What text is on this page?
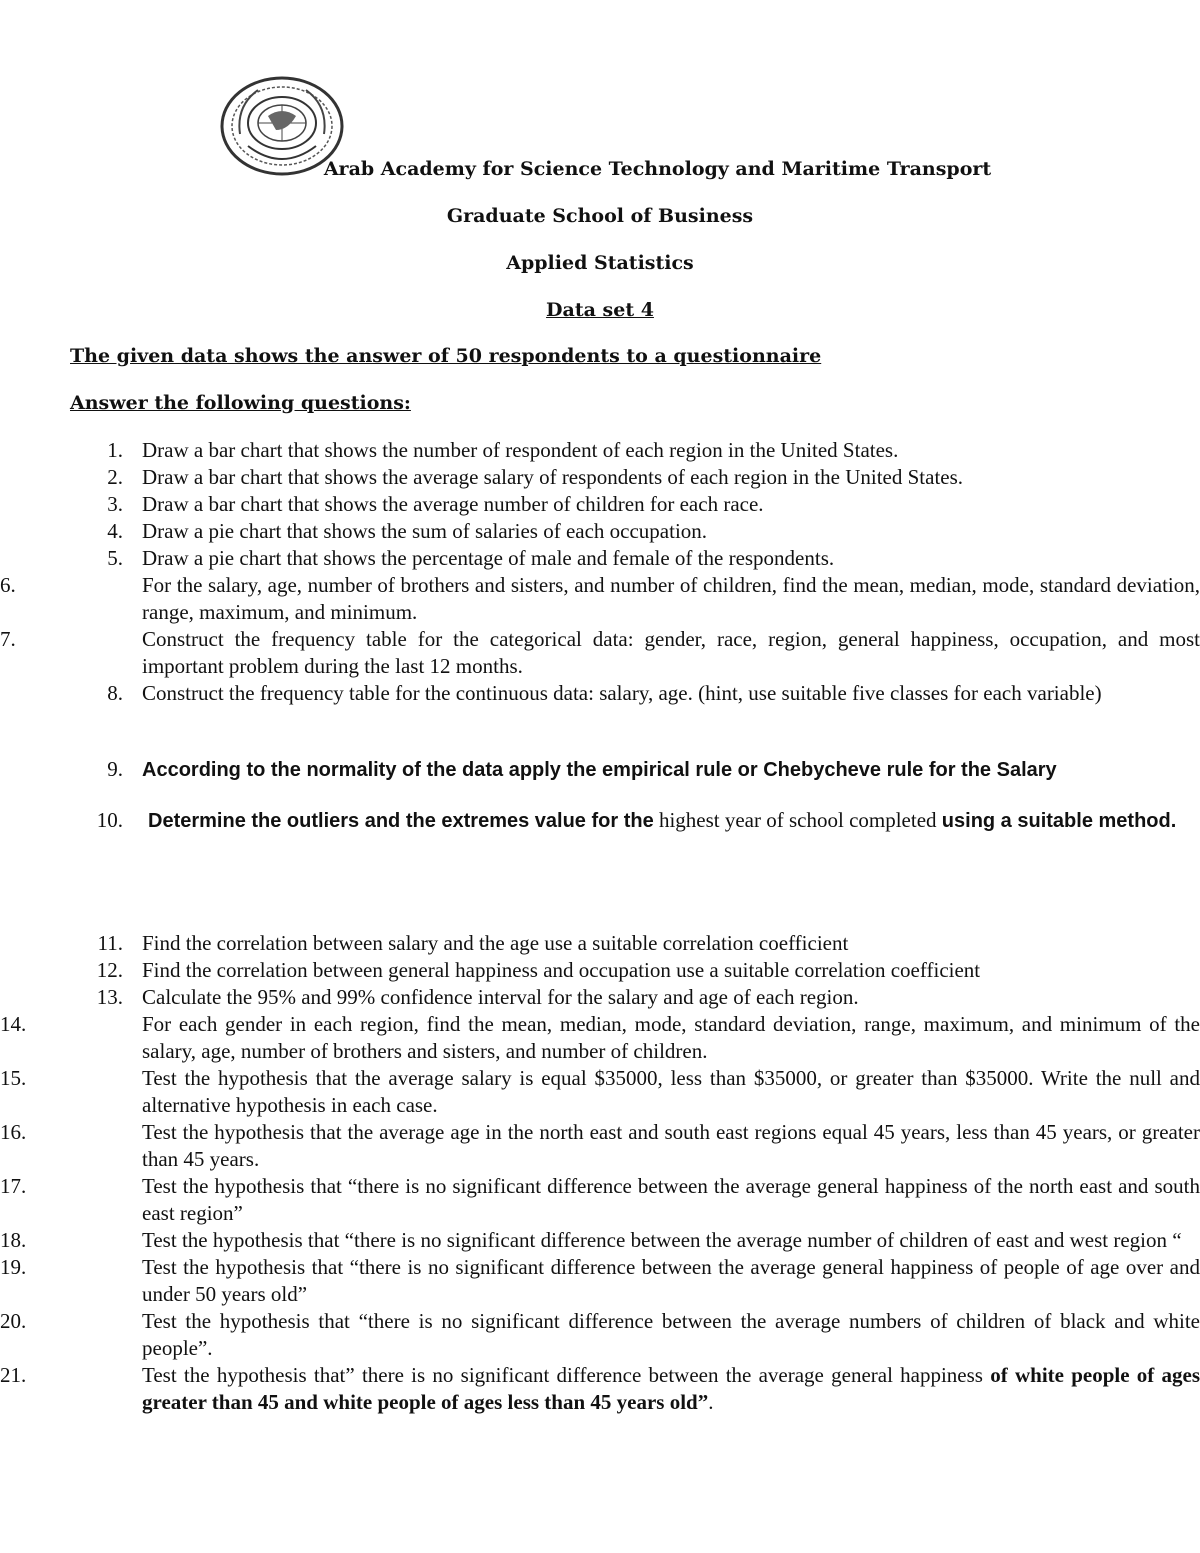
Arab Academy for Science Technology and Maritime Transport
Graduate School of Business
Applied Statistics
Data set 4
The given data shows the answer of 50 respondents to a questionnaire
Answer the following questions:
1. Draw a bar chart that shows the number of respondent of each region in the United States.
2. Draw a bar chart that shows the average salary of respondents of each region in the United States.
3. Draw a bar chart that shows the average number of children for each race.
4. Draw a pie chart that shows the sum of salaries of each occupation.
5. Draw a pie chart that shows the percentage of male and female of the respondents.
6.	For the salary, age, number of brothers and sisters, and number of children, find the mean, median, mode, standard deviation, range, maximum, and minimum.
7.	Construct the frequency table for the categorical data: gender, race, region, general happiness, occupation, and most important problem during the last 12 months.
8. Construct the frequency table for the continuous data: salary, age. (hint, use suitable five classes for each variable)
9. According to the normality of the data apply the empirical rule or Chebycheve rule for the Salary
10. Determine the outliers and the extremes value for the highest year of school completed using a suitable method.
11. Find the correlation between salary and the age use a suitable correlation coefficient
12. Find the correlation between general happiness and occupation use a suitable correlation coefficient
13. Calculate the 95% and 99% confidence interval for the salary and age of each region.
14.	For each gender in each region, find the mean, median, mode, standard deviation, range, maximum, and minimum of the salary, age, number of brothers and sisters, and number of children.
15.	Test the hypothesis that the average salary is equal $35000, less than $35000, or greater than $35000. Write the null and alternative hypothesis in each case.
16.	Test the hypothesis that the average age in the north east and south east regions equal 45 years, less than 45 years, or greater than 45 years.
17.	Test the hypothesis that “there is no significant difference between the average general happiness of the north east and south east region”
18.	Test the hypothesis that “there is no significant difference between the average number of children of east and west region “
19.	Test the hypothesis that “there is no significant difference between the average general happiness of people of age over and under 50 years old”
20.	Test the hypothesis that “there is no significant difference between the average numbers of children of black and white people”.
21.	Test the hypothesis that” there is no significant difference between the average general happiness of white people of ages greater than 45 and white people of ages less than 45 years old”.
